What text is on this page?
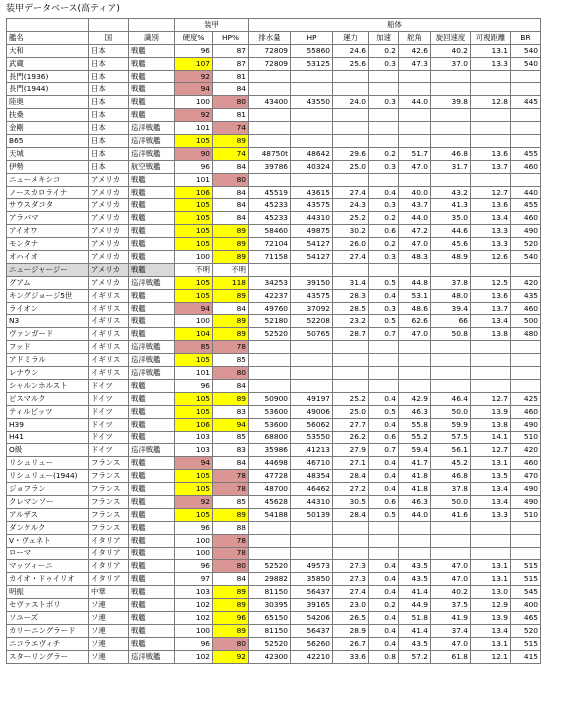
装甲データベース(高ティア)
			装甲		船体							
艦名	国	識別	硬度%	HP%	排水量	HP	運力	加速	舵角	旋回速度	可視距離	BR
大和	日本	戦艦	96	87	72809	55860	24.6	0.2	42.6	40.2	13.1	540
武蔵	日本	戦艦	107	87	72809	53125	25.6	0.3	47.3	37.0	13.3	540
長門(1936)	日本	戦艦	92	81								
長門(1944)	日本	戦艦	94	84								
陸奥	日本	戦艦	100	80	43400	43550	24.0	0.3	44.0	39.8	12.8	445
扶桑	日本	戦艦	92	81								
金剛	日本	巡洋戦艦	101	74								
B65	日本	巡洋戦艦	105	89								
天城	日本	巡洋戦艦	90	74	48750t	48642	29.6	0.2	51.7	46.8	13.6	455
伊勢	日本	航空戦艦	96	84	39786	40324	25.0	0.3	47.0	31.7	13.7	460
ニューメキシコ	アメリカ	戦艦	101	80								
ノースカロライナ	アメリカ	戦艦	106	84	45519	43615	27.4	0.4	40.0	43.2	12.7	440
サウスダコタ	アメリカ	戦艦	105	84	45233	43575	24.3	0.3	43.7	41.3	13.6	455
アラバマ	アメリカ	戦艦	105	84	45233	44310	25.2	0.2	44.0	35.0	13.4	460
アイオワ	アメリカ	戦艦	105	89	58460	49875	30.2	0.6	47.2	44.6	13.3	490
モンタナ	アメリカ	戦艦	105	89	72104	54127	26.0	0.2	47.0	45.6	13.3	520
オハイオ	アメリカ	戦艦	100	89	71158	54127	27.4	0.3	48.3	48.9	12.6	540
ニュージャージー	アメリカ	戦艦	不明	不明								
グアム	アメリカ	巡洋戦艦	105	118	34253	39150	31.4	0.5	44.8	37.8	12.5	420
キングジョージ5世	イギリス	戦艦	105	89	42237	43575	28.3	0.4	53.1	48.0	13.6	435
ライオン	イギリス	戦艦	94	84	49760	37092	28.5	0.3	48.6	39.4	13.7	460
N3	イギリス	戦艦	100	89	52180	52208	23.2	0.5	62.6	66	13.4	500
ヴァンガード	イギリス	戦艦	104	89	52520	50765	28.7	0.7	47.0	50.8	13.8	480
フッド	イギリス	巡洋戦艦	85	78								
アドミラル	イギリス	巡洋戦艦	105	85								
レナウン	イギリス	巡洋戦艦	101	80								
シャルンホルスト	ドイツ	戦艦	96	84								
ビスマルク	ドイツ	戦艦	105	89	50900	49197	25.2	0.4	42.9	46.4	12.7	425
ティルピッツ	ドイツ	戦艦	105	83	53600	49006	25.0	0.5	46.3	50.0	13.9	460
H39	ドイツ	戦艦	106	94	53600	56062	27.7	0.4	55.8	59.9	13.8	490
H41	ドイツ	戦艦	103	85	68800	53550	26.2	0.6	55.2	57.5	14.1	510
O級	ドイツ	巡洋戦艦	103	83	35986	41213	27.9	0.7	59.4	56.1	12.7	420
リシュリュー	フランス	戦艦	94	84	44698	46710	27.1	0.4	41.7	45.2	13.1	460
リシュリュー(1944)	フランス	戦艦	105	78	47728	48354	28.4	0.4	41.8	46.8	13.5	470
ジョフラン	フランス	戦艦	105	78	48700	46462	27.2	0.4	41.8	37.8	13.4	490
クレマンソー	フランス	戦艦	92	85	45628	44310	30.5	0.6	46.3	50.0	13.4	490
アルザス	フランス	戦艦	105	89	54188	50139	28.4	0.5	44.0	41.6	13.3	510
ダンケルク	フランス	戦艦	96	88								
V・ヴェネト	イタリア	戦艦	100	78								
ローマ	イタリア	戦艦	100	78								
マッツィーニ	イタリア	戦艦	96	80	52520	49573	27.3	0.4	43.5	47.0	13.1	515
カイオ・ドゥイリオ	イタリア	戦艦	97	84	29882	35850	27.3	0.4	43.5	47.0	13.1	515
明振	中華	戦艦	103	89	81150	56437	27.4	0.4	41.4	40.2	13.0	545
セヴァストポリ	ソ連	戦艦	102	89	30395	39165	23.0	0.2	44.9	37.5	12.9	400
ソユーズ	ソ連	戦艦	102	96	65150	54206	26.5	0.4	51.8	41.9	13.9	465
カリーニングラード	ソ連	戦艦	100	89	81150	56437	28.9	0.4	41.4	37.4	13.4	520
ニコラエヴィチ	ソ連	戦艦	96	80	52520	56260	26.7	0.4	43.5	47.0	13.1	515
スターリングラー	ソ連	巡洋戦艦	102	92	42300	42210	33.6	0.8	57.2	61.8	12.1	415
